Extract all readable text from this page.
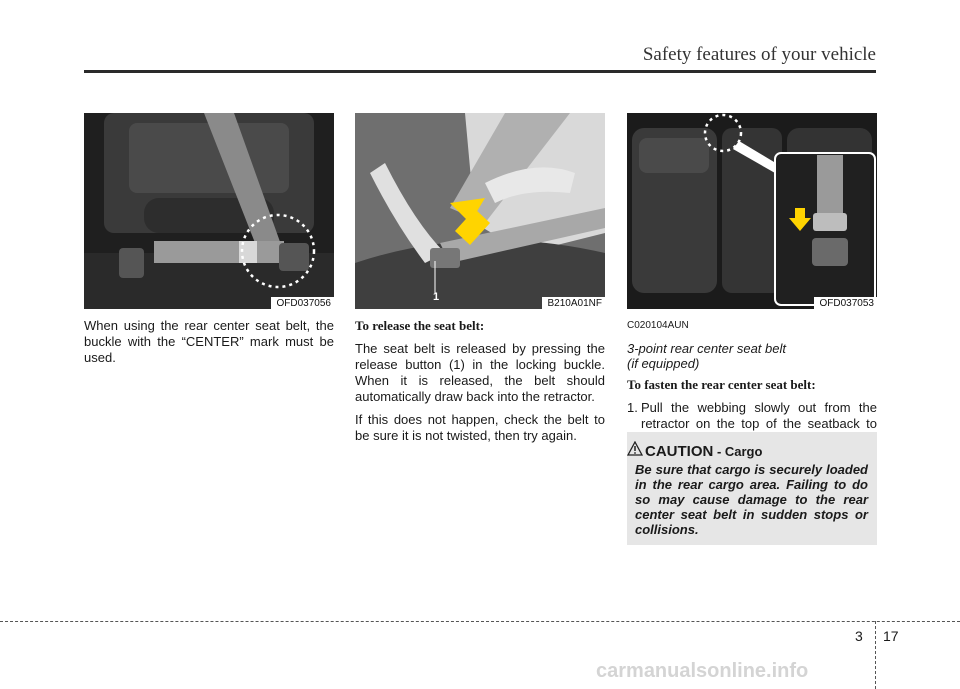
Safety features of your vehicle
OFD037056
1
B210A01NF	OFD037053

When using the rear center seat belt, the buckle with the “CENTER” mark must be used.

To release the seat belt:

The seat belt is released by pressing the release button (1) in the locking buckle. When it is released, the belt should automatically draw back into the retractor.

If this does not happen, check the belt to be sure it is not twisted, then try again.

C020104AUN

3-point rear center seat belt
(if equipped)

To fasten the rear center seat belt:

1. Pull the webbing slowly out from the retractor on the top of the seatback to
CAUTION - Cargo
Be sure that cargo is securely loaded in the rear cargo area. Failing to do so may cause damage to the rear center seat belt in sudden stops or collisions.
3 17
carmanualsonline.info
